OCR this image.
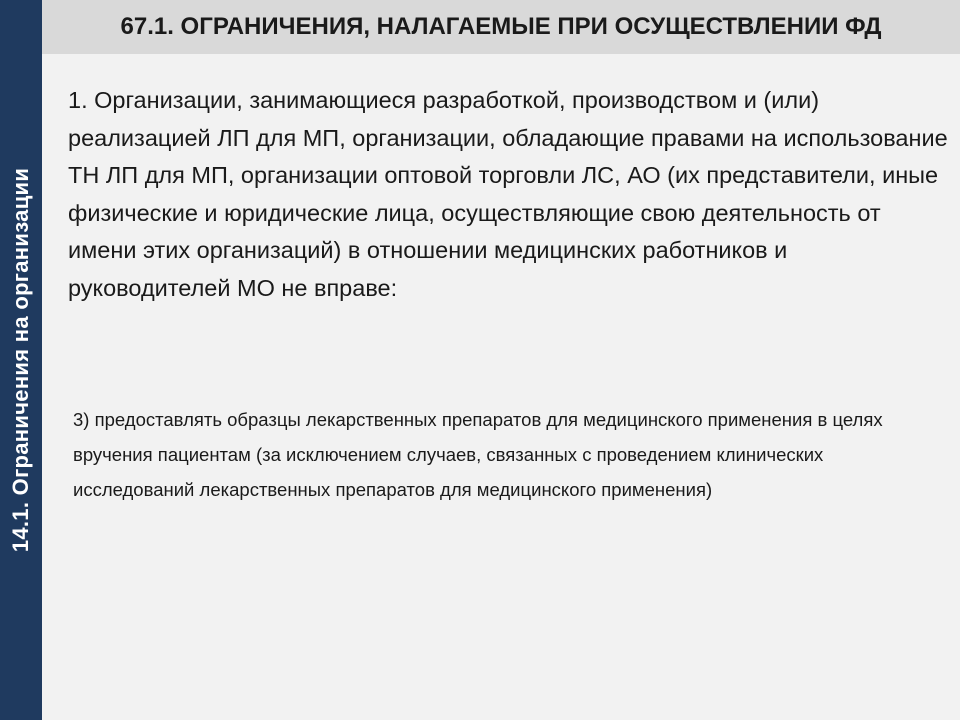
14.1. Ограничения на организации
67.1. ОГРАНИЧЕНИЯ, НАЛАГАЕМЫЕ ПРИ ОСУЩЕСТВЛЕНИИ ФД

1. Организации, занимающиеся разработкой, производством и (или) реализацией ЛП для МП, организации, обладающие правами на использование ТН ЛП для МП, организации оптовой торговли ЛС, АО (их представители, иные физические и юридические лица, осуществляющие свою деятельность от имени этих организаций) в отношении медицинских работников и руководителей МО не вправе:

3) предоставлять образцы лекарственных препаратов для медицинского применения в целях вручения пациентам (за исключением случаев, связанных с проведением клинических исследований лекарственных препаратов для медицинского применения)
